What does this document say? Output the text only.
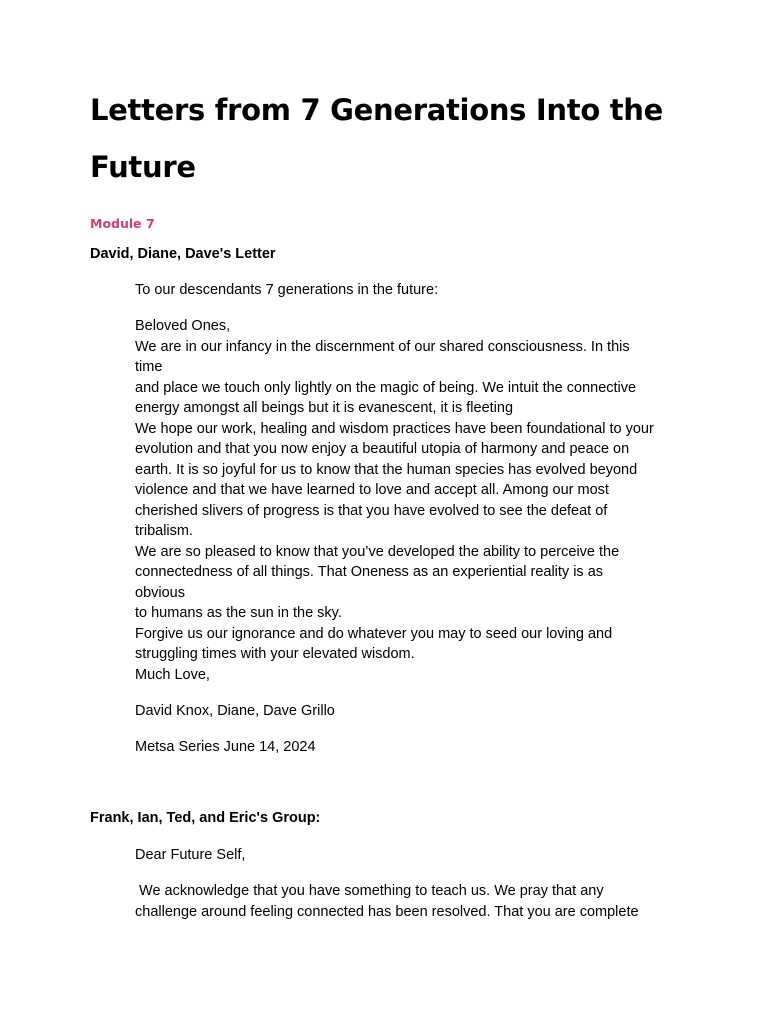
Letters from 7 Generations Into the
Future

Module 7

David, Diane, Dave's Letter

To our descendants 7 generations in the future:

Beloved Ones,
We are in our infancy in the discernment of our shared consciousness. In this
time
and place we touch only lightly on the magic of being. We intuit the connective
energy amongst all beings but it is evanescent, it is fleeting
We hope our work, healing and wisdom practices have been foundational to your
evolution and that you now enjoy a beautiful utopia of harmony and peace on
earth. It is so joyful for us to know that the human species has evolved beyond
violence and that we have learned to love and accept all. Among our most
cherished slivers of progress is that you have evolved to see the defeat of
tribalism.
We are so pleased to know that you’ve developed the ability to perceive the
connectedness of all things. That Oneness as an experiential reality is as
obvious
to humans as the sun in the sky.
Forgive us our ignorance and do whatever you may to seed our loving and
struggling times with your elevated wisdom.
Much Love,

David Knox, Diane, Dave Grillo

Metsa Series June 14, 2024

Frank, Ian, Ted, and Eric's Group:

Dear Future Self,

We acknowledge that you have something to teach us. We pray that any
challenge around feeling connected has been resolved. That you are complete
